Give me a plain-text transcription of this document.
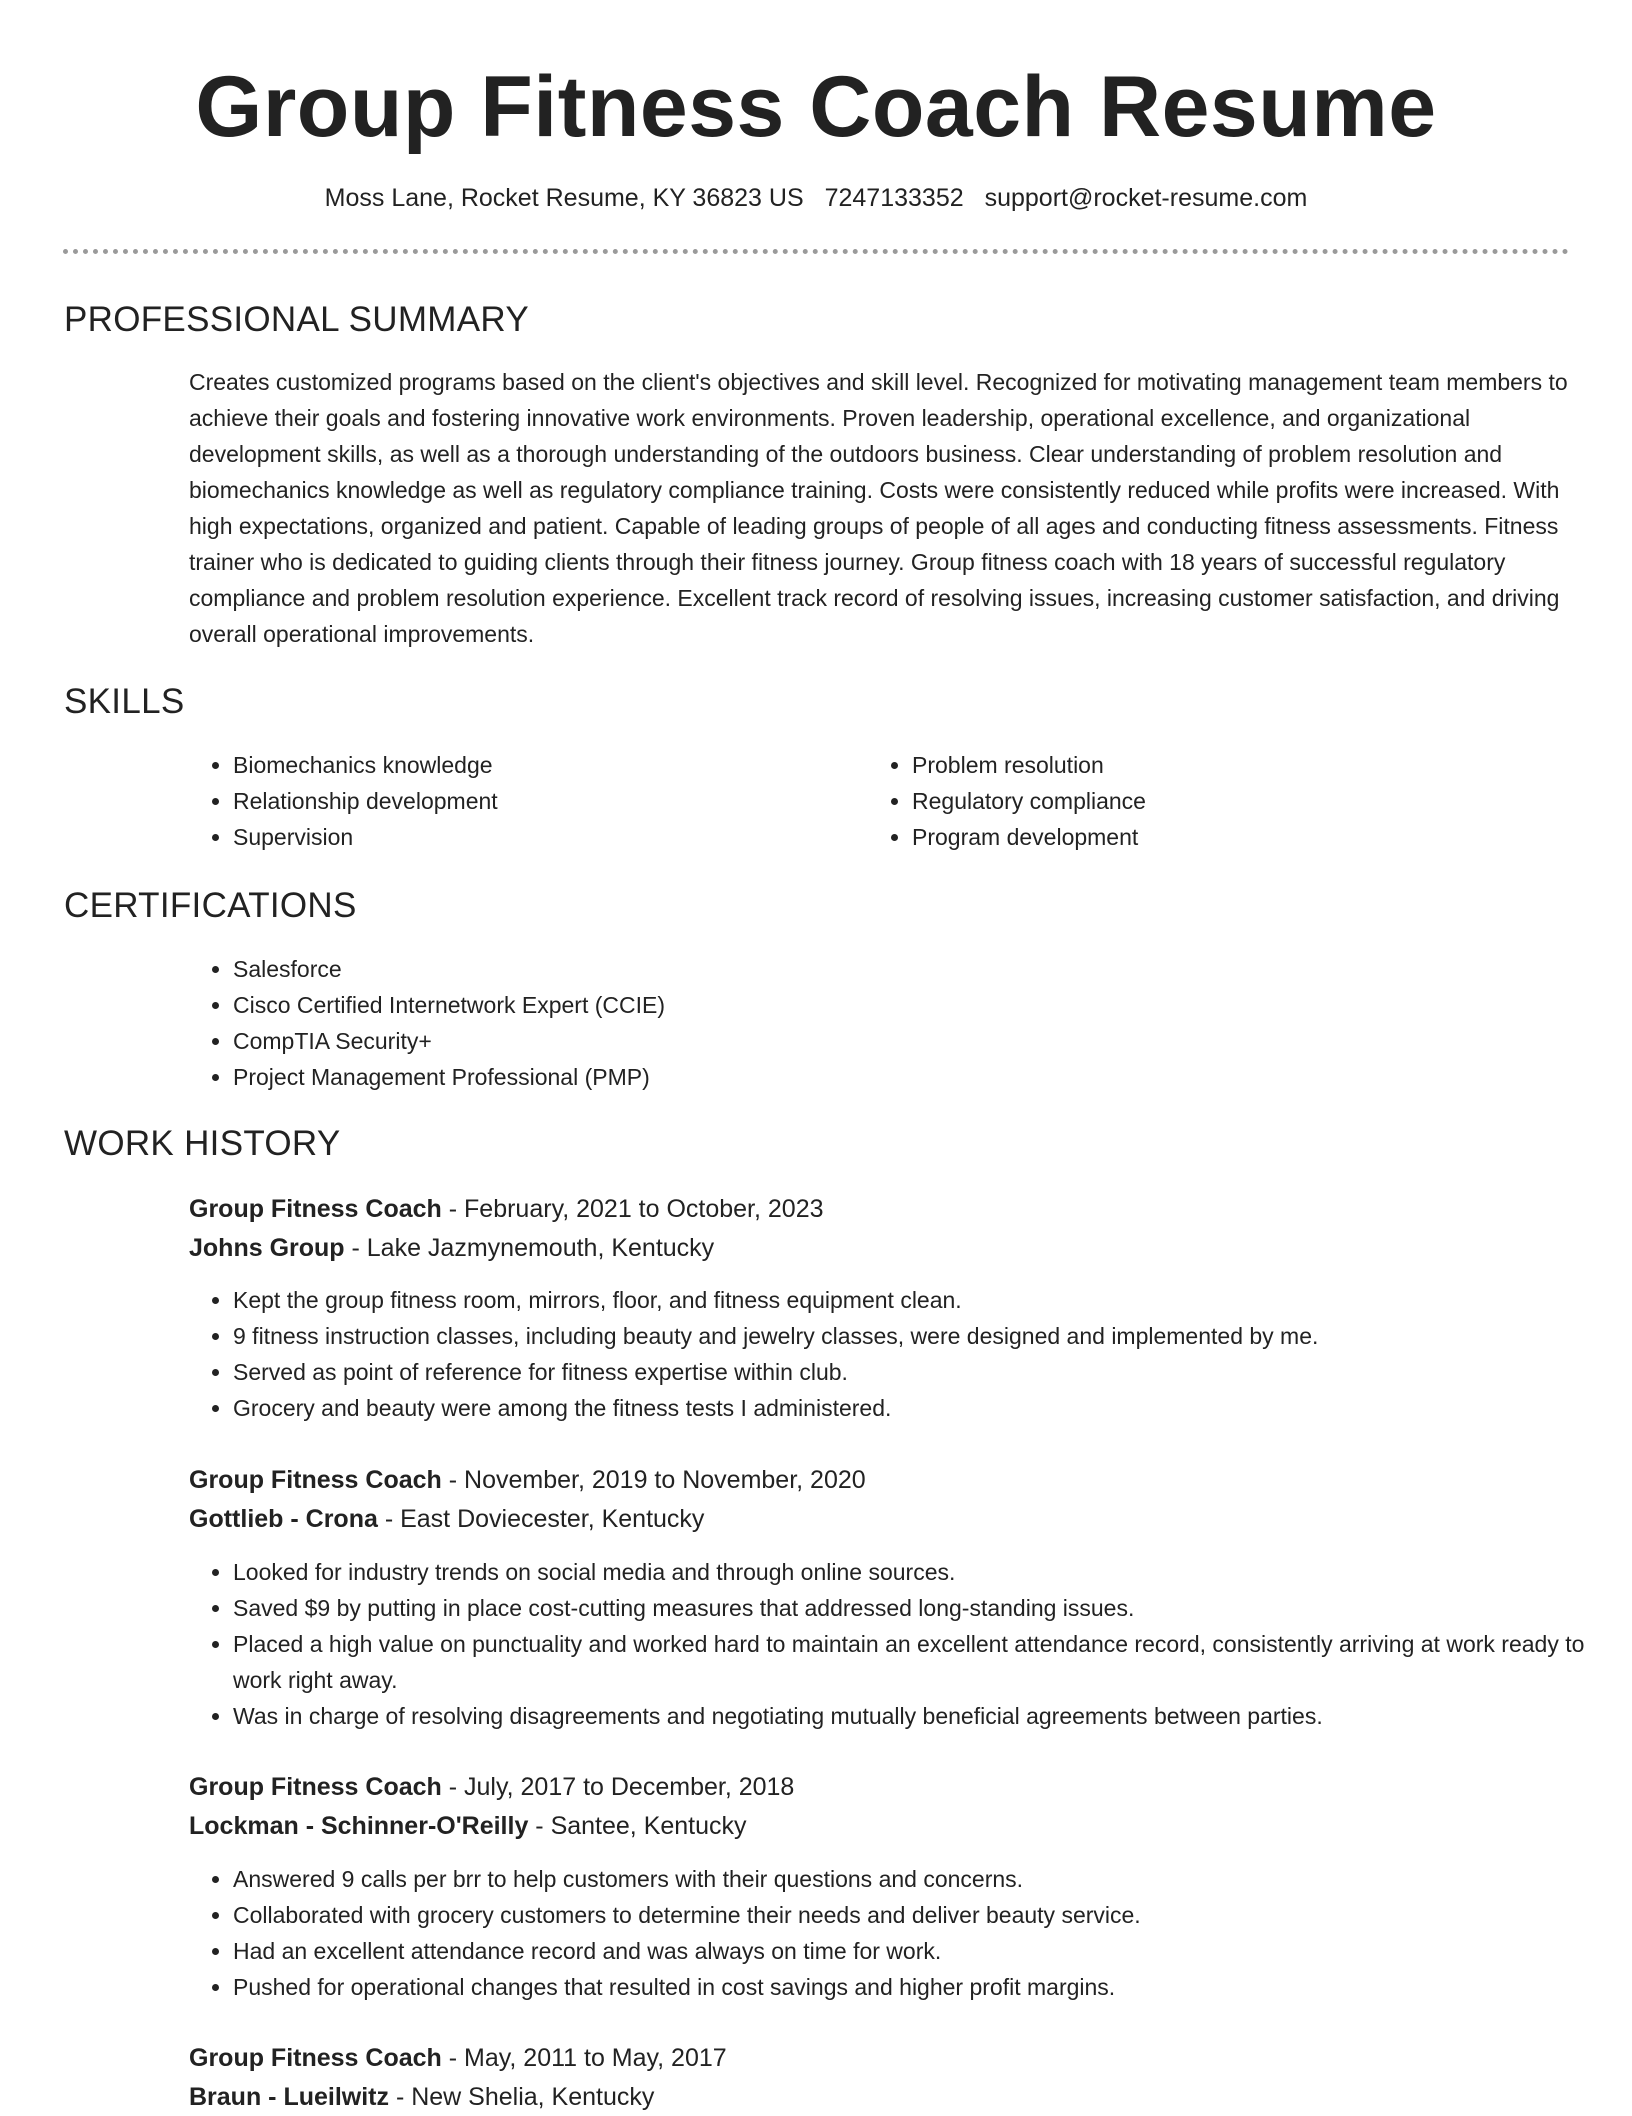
Group Fitness Coach Resume
Moss Lane, Rocket Resume, KY 36823 US 7247133352 support@rocket-resume.com
PROFESSIONAL SUMMARY

Creates customized programs based on the client's objectives and skill level. Recognized for motivating management team members to achieve their goals and fostering innovative work environments. Proven leadership, operational excellence, and organizational development skills, as well as a thorough understanding of the outdoors business. Clear understanding of problem resolution and biomechanics knowledge as well as regulatory compliance training. Costs were consistently reduced while profits were increased. With high expectations, organized and patient. Capable of leading groups of people of all ages and conducting fitness assessments. Fitness trainer who is dedicated to guiding clients through their fitness journey. Group fitness coach with 18 years of successful regulatory compliance and problem resolution experience. Excellent track record of resolving issues, increasing customer satisfaction, and driving overall operational improvements.

SKILLS
• Biomechanics knowledge
• Relationship development
• Supervision
• Problem resolution
• Regulatory compliance
• Program development
CERTIFICATIONS
• Salesforce
• Cisco Certified Internetwork Expert (CCIE)
• CompTIA Security+
• Project Management Professional (PMP)
WORK HISTORY
Group Fitness Coach - February, 2021 to October, 2023
Johns Group - Lake Jazmynemouth, Kentucky
• Kept the group fitness room, mirrors, floor, and fitness equipment clean.
• 9 fitness instruction classes, including beauty and jewelry classes, were designed and implemented by me.
• Served as point of reference for fitness expertise within club.
• Grocery and beauty were among the fitness tests I administered.
Group Fitness Coach - November, 2019 to November, 2020
Gottlieb - Crona - East Doviecester, Kentucky
• Looked for industry trends on social media and through online sources.
• Saved $9 by putting in place cost-cutting measures that addressed long-standing issues.
• Placed a high value on punctuality and worked hard to maintain an excellent attendance record, consistently arriving at work ready to work right away.
• Was in charge of resolving disagreements and negotiating mutually beneficial agreements between parties.
Group Fitness Coach - July, 2017 to December, 2018
Lockman - Schinner-O'Reilly - Santee, Kentucky
• Answered 9 calls per brr to help customers with their questions and concerns.
• Collaborated with grocery customers to determine their needs and deliver beauty service.
• Had an excellent attendance record and was always on time for work.
• Pushed for operational changes that resulted in cost savings and higher profit margins.
Group Fitness Coach - May, 2011 to May, 2017
Braun - Lueilwitz - New Shelia, Kentucky
